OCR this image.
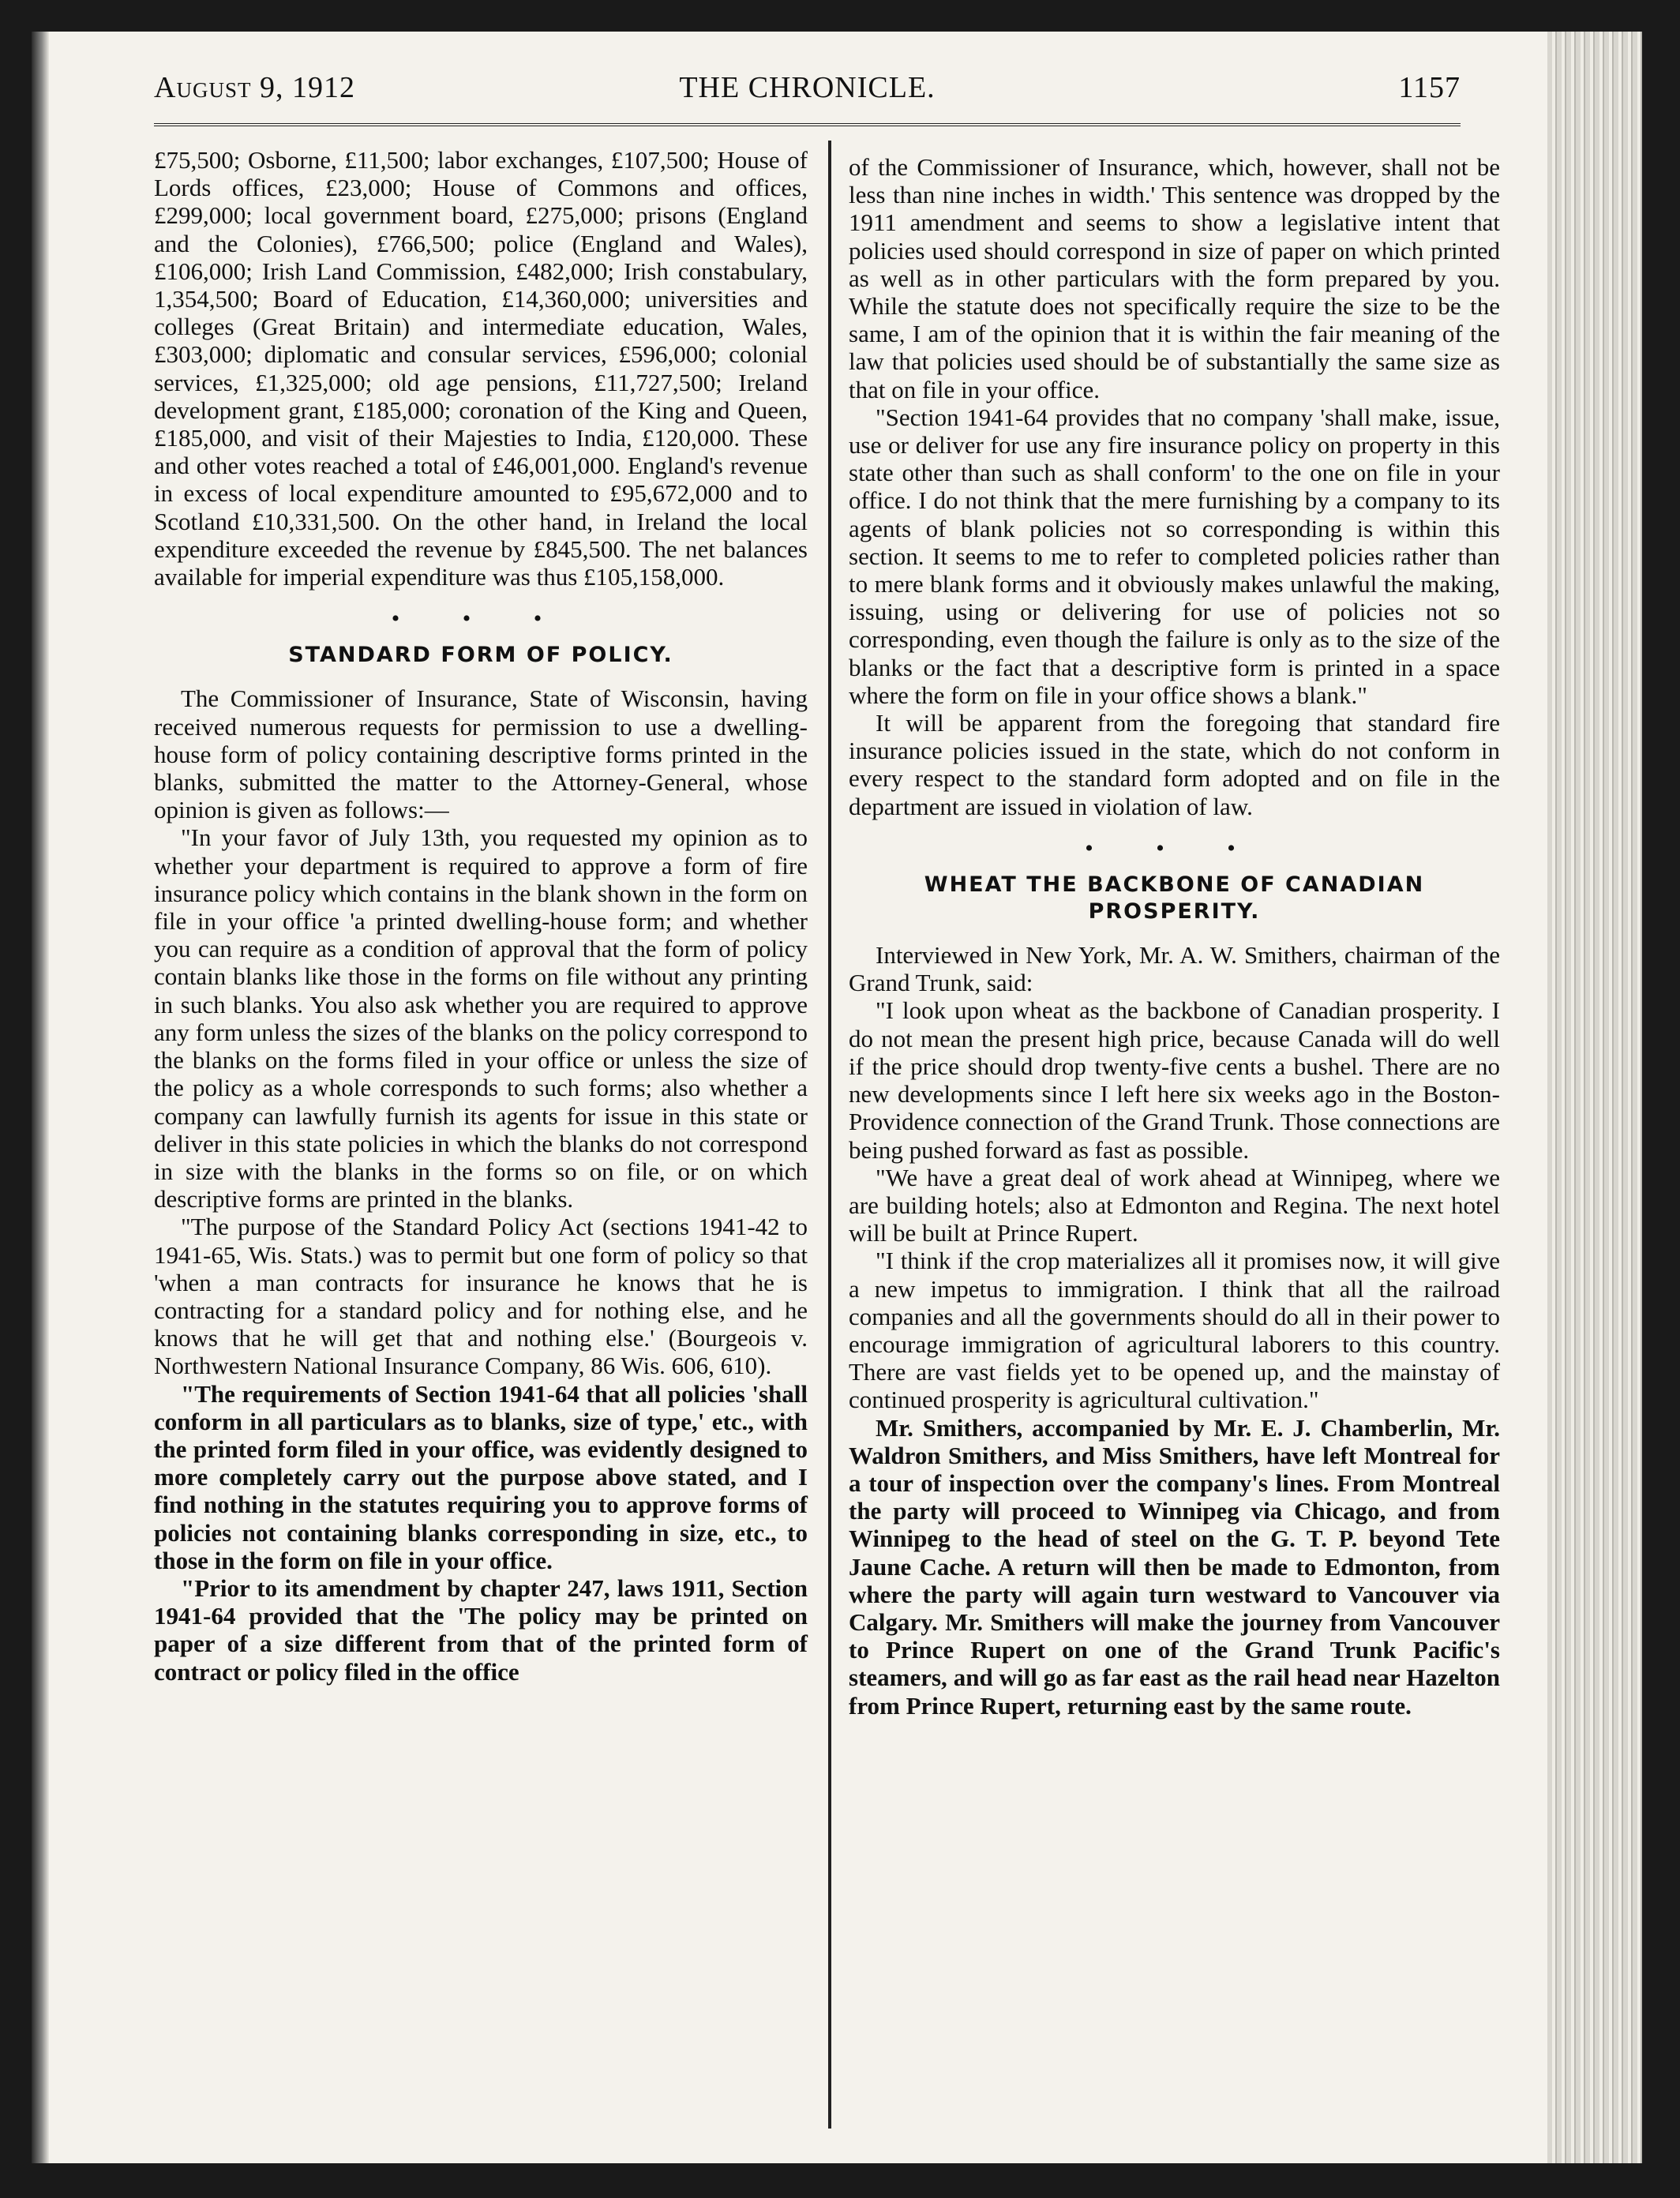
August 9, 1912	THE CHRONICLE.	1157

£75,500; Osborne, £11,500; labor exchanges, £107,500; House of Lords offices, £23,000; House of Commons and offices, £299,000; local government board, £275,000; prisons (England and the Colonies), £766,500; police (England and Wales), £106,000; Irish Land Commission, £482,000; Irish constabulary, 1,354,500; Board of Education, £14,360,000; universities and colleges (Great Britain) and intermediate education, Wales, £303,000; diplomatic and consular services, £596,000; colonial services, £1,325,000; old age pensions, £11,727,500; Ireland development grant, £185,000; coronation of the King and Queen, £185,000, and visit of their Majesties to India, £120,000. These and other votes reached a total of £46,001,000. England's revenue in excess of local expenditure amounted to £95,672,000 and to Scotland £10,331,500. On the other hand, in Ireland the local expenditure exceeded the revenue by £845,500. The net balances available for imperial expenditure was thus £105,158,000.

• • •
STANDARD FORM OF POLICY.

The Commissioner of Insurance, State of Wisconsin, having received numerous requests for permission to use a dwelling-house form of policy containing descriptive forms printed in the blanks, submitted the matter to the Attorney-General, whose opinion is given as follows:—

"In your favor of July 13th, you requested my opinion as to whether your department is required to approve a form of fire insurance policy which contains in the blank shown in the form on file in your office 'a printed dwelling-house form; and whether you can require as a condition of approval that the form of policy contain blanks like those in the forms on file without any printing in such blanks. You also ask whether you are required to approve any form unless the sizes of the blanks on the policy correspond to the blanks on the forms filed in your office or unless the size of the policy as a whole corresponds to such forms; also whether a company can lawfully furnish its agents for issue in this state or deliver in this state policies in which the blanks do not correspond in size with the blanks in the forms so on file, or on which descriptive forms are printed in the blanks.

"The purpose of the Standard Policy Act (sections 1941-42 to 1941-65, Wis. Stats.) was to permit but one form of policy so that 'when a man contracts for insurance he knows that he is contracting for a standard policy and for nothing else, and he knows that he will get that and nothing else.' (Bourgeois v. Northwestern National Insurance Company, 86 Wis. 606, 610).

"The requirements of Section 1941-64 that all policies 'shall conform in all particulars as to blanks, size of type,' etc., with the printed form filed in your office, was evidently designed to more completely carry out the purpose above stated, and I find nothing in the statutes requiring you to approve forms of policies not containing blanks corresponding in size, etc., to those in the form on file in your office.

"Prior to its amendment by chapter 247, laws 1911, Section 1941-64 provided that the 'The policy may be printed on paper of a size different from that of the printed form of contract or policy filed in the office

of the Commissioner of Insurance, which, however, shall not be less than nine inches in width.' This sentence was dropped by the 1911 amendment and seems to show a legislative intent that policies used should correspond in size of paper on which printed as well as in other particulars with the form prepared by you. While the statute does not specifically require the size to be the same, I am of the opinion that it is within the fair meaning of the law that policies used should be of substantially the same size as that on file in your office.

"Section 1941-64 provides that no company 'shall make, issue, use or deliver for use any fire insurance policy on property in this state other than such as shall conform' to the one on file in your office. I do not think that the mere furnishing by a company to its agents of blank policies not so corresponding is within this section. It seems to me to refer to completed policies rather than to mere blank forms and it obviously makes unlawful the making, issuing, using or delivering for use of policies not so corresponding, even though the failure is only as to the size of the blanks or the fact that a descriptive form is printed in a space where the form on file in your office shows a blank."

It will be apparent from the foregoing that standard fire insurance policies issued in the state, which do not conform in every respect to the standard form adopted and on file in the department are issued in violation of law.

• • •
WHEAT THE BACKBONE OF CANADIAN
PROSPERITY.

Interviewed in New York, Mr. A. W. Smithers, chairman of the Grand Trunk, said:

"I look upon wheat as the backbone of Canadian prosperity. I do not mean the present high price, because Canada will do well if the price should drop twenty-five cents a bushel. There are no new developments since I left here six weeks ago in the Boston-Providence connection of the Grand Trunk. Those connections are being pushed forward as fast as possible.

"We have a great deal of work ahead at Winnipeg, where we are building hotels; also at Edmonton and Regina. The next hotel will be built at Prince Rupert.

"I think if the crop materializes all it promises now, it will give a new impetus to immigration. I think that all the railroad companies and all the governments should do all in their power to encourage immigration of agricultural laborers to this country. There are vast fields yet to be opened up, and the mainstay of continued prosperity is agricultural cultivation."

Mr. Smithers, accompanied by Mr. E. J. Chamberlin, Mr. Waldron Smithers, and Miss Smithers, have left Montreal for a tour of inspection over the company's lines. From Montreal the party will proceed to Winnipeg via Chicago, and from Winnipeg to the head of steel on the G. T. P. beyond Tete Jaune Cache. A return will then be made to Edmonton, from where the party will again turn westward to Vancouver via Calgary. Mr. Smithers will make the journey from Vancouver to Prince Rupert on one of the Grand Trunk Pacific's steamers, and will go as far east as the rail head near Hazelton from Prince Rupert, returning east by the same route.
